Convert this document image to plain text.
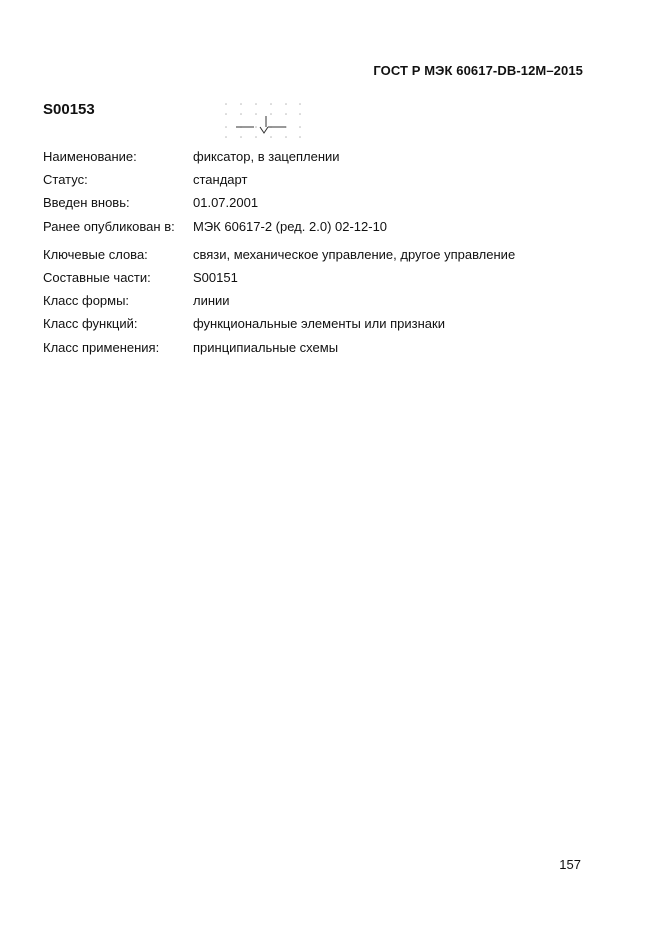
ГОСТ Р МЭК 60617-DB-12M–2015
S00153
Наименование:	фиксатор, в зацеплении
Статус:	стандарт
Введен вновь:	01.07.2001
Ранее опубликован в:	МЭК 60617-2 (ред. 2.0) 02-12-10
Ключевые слова:	связи, механическое управление, другое управление
Составные части:	S00151
Класс формы:	линии
Класс функций:	функциональные элементы или признаки
Класс применения:	принципиальные схемы
157
